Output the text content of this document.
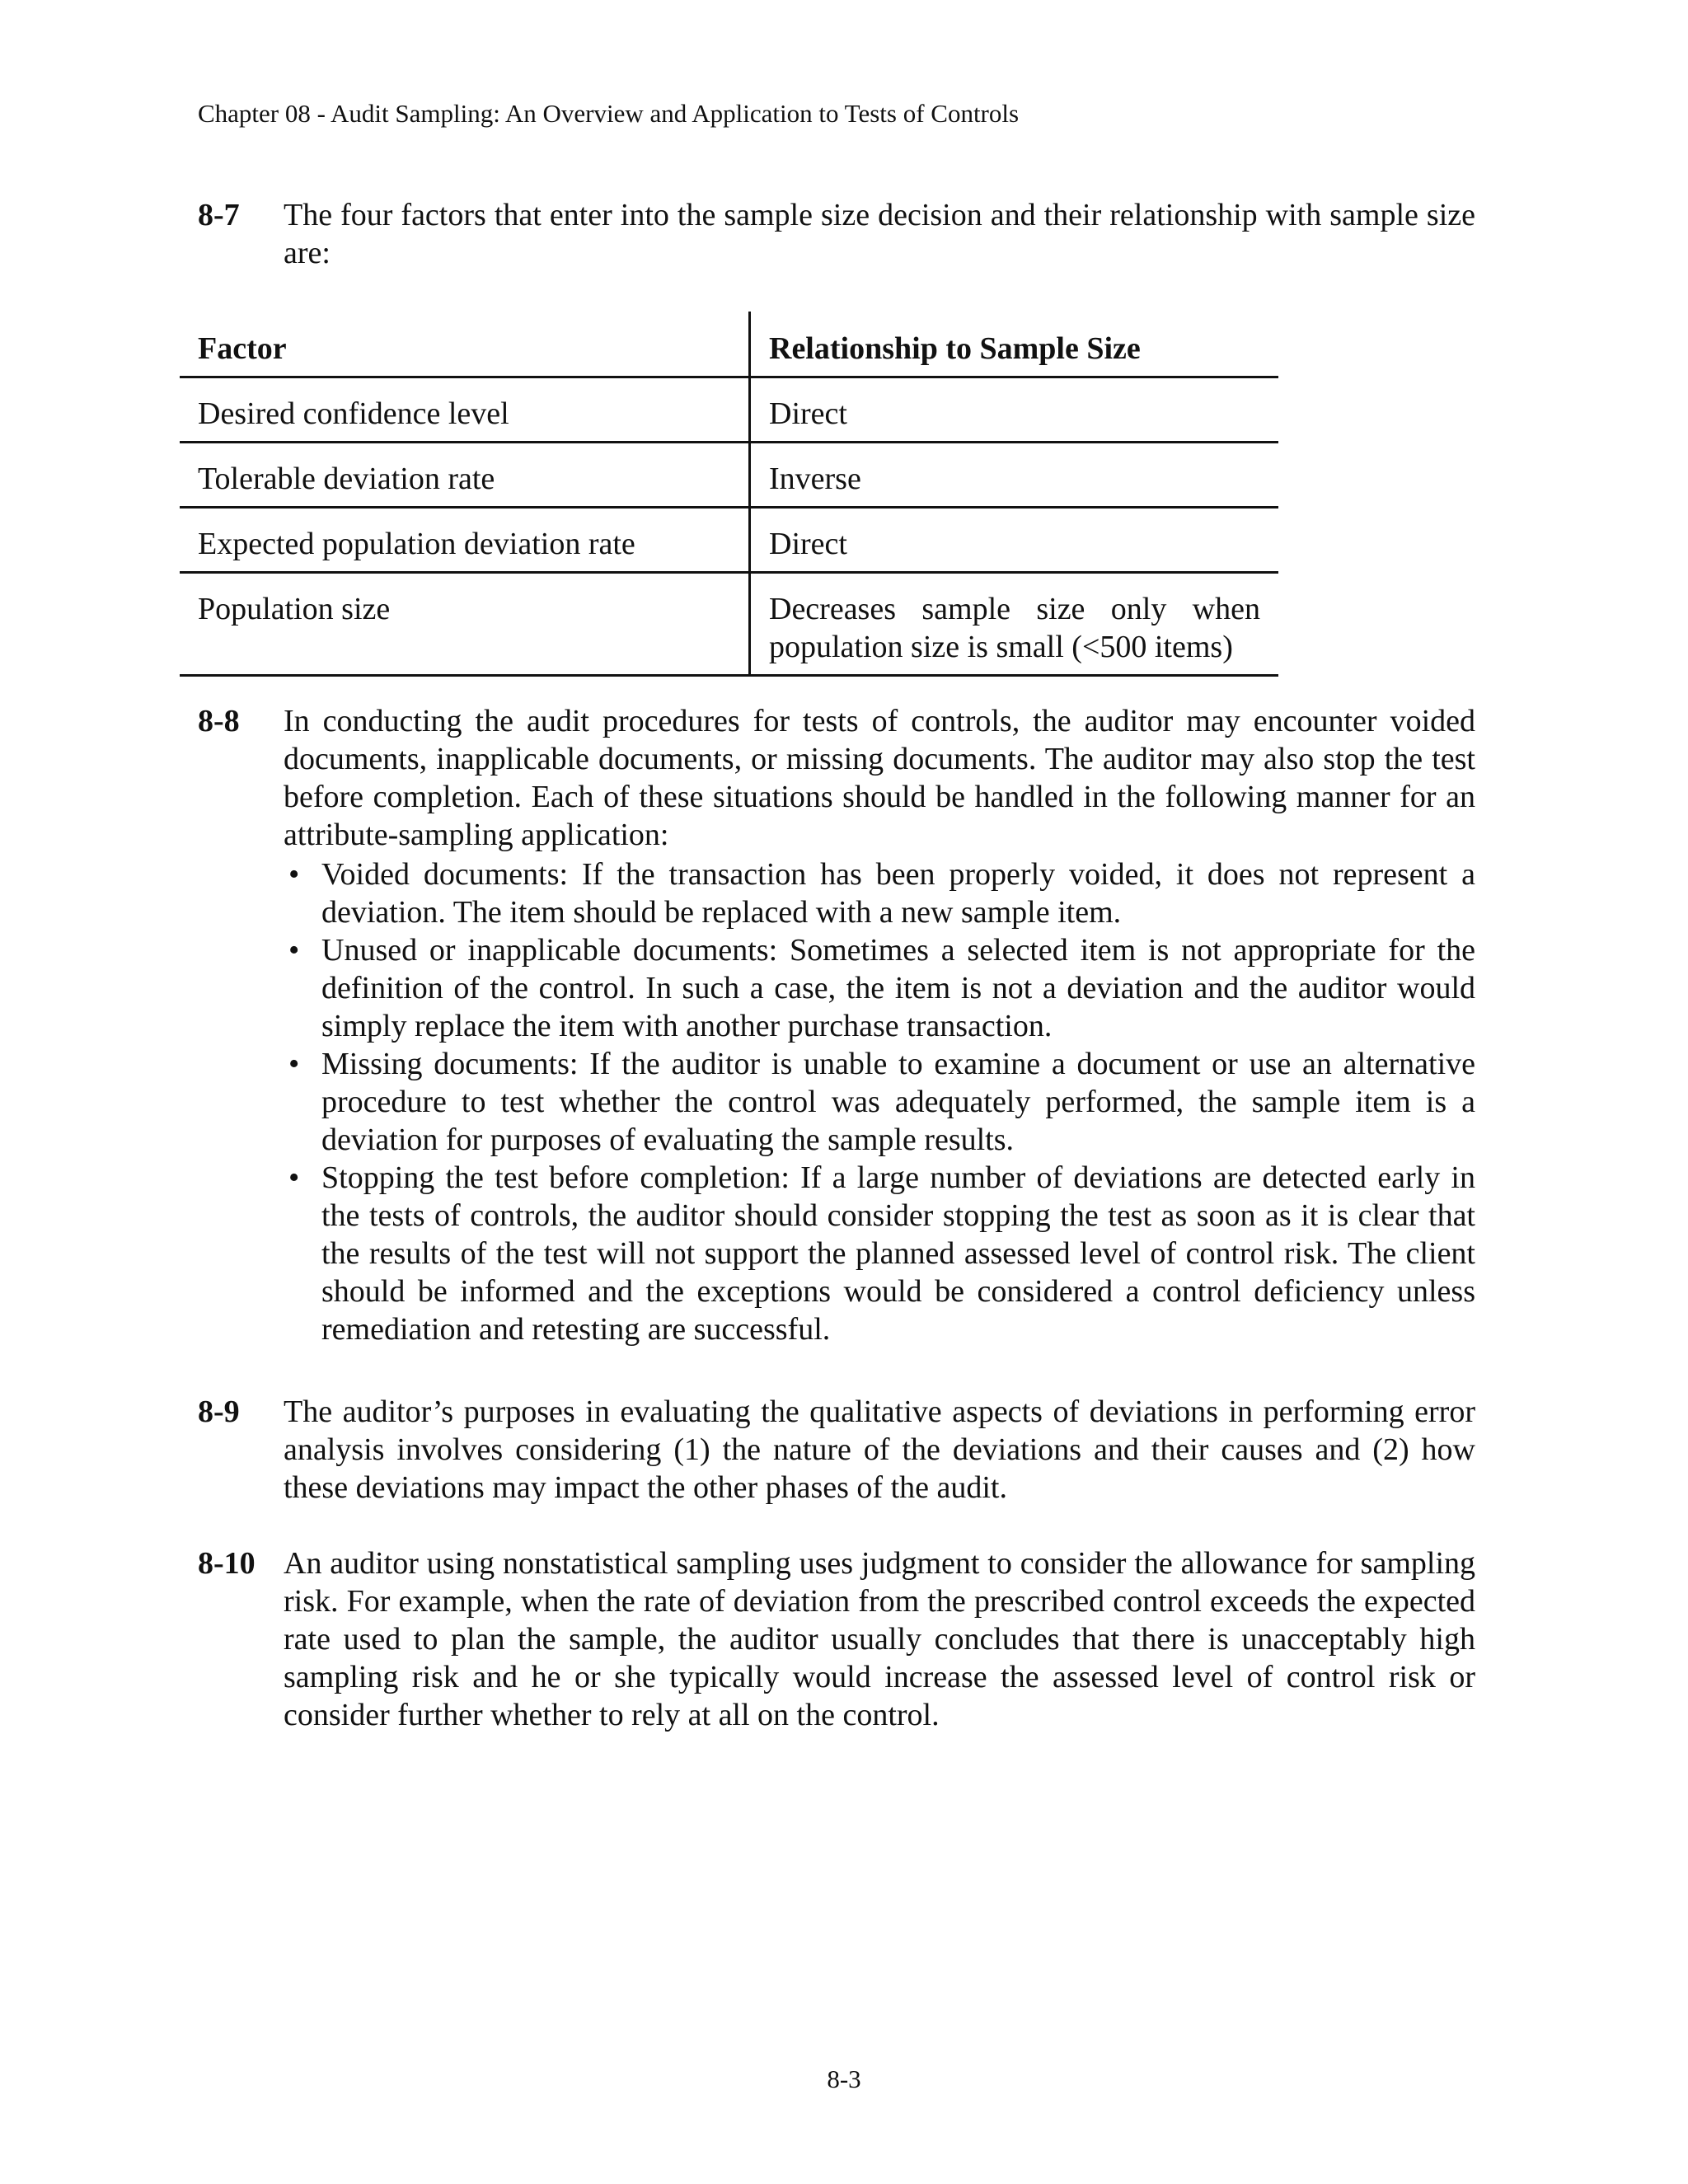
Chapter 08 - Audit Sampling: An Overview and Application to Tests of Controls
8-7 The four factors that enter into the sample size decision and their relationship with sample size are:

Factor	Relationship to Sample Size
Desired confidence level	Direct
Tolerable deviation rate	Inverse
Expected population deviation rate	Direct
Population size	Decreases sample size only when population size is small (<500 items)
8-8 In conducting the audit procedures for tests of controls, the auditor may encounter voided documents, inapplicable documents, or missing documents. The auditor may also stop the test before completion. Each of these situations should be handled in the following manner for an attribute-sampling application:

• Voided documents: If the transaction has been properly voided, it does not represent a deviation. The item should be replaced with a new sample item.
• Unused or inapplicable documents: Sometimes a selected item is not appropriate for the definition of the control. In such a case, the item is not a deviation and the auditor would simply replace the item with another purchase transaction.
• Missing documents: If the auditor is unable to examine a document or use an alternative procedure to test whether the control was adequately performed, the sample item is a deviation for purposes of evaluating the sample results.
• Stopping the test before completion: If a large number of deviations are detected early in the tests of controls, the auditor should consider stopping the test as soon as it is clear that the results of the test will not support the planned assessed level of control risk. The client should be informed and the exceptions would be considered a control deficiency unless remediation and retesting are successful.
8-9 The auditor’s purposes in evaluating the qualitative aspects of deviations in performing error analysis involves considering (1) the nature of the deviations and their causes and (2) how these deviations may impact the other phases of the audit.

8-10 An auditor using nonstatistical sampling uses judgment to consider the allowance for sampling risk. For example, when the rate of deviation from the prescribed control exceeds the expected rate used to plan the sample, the auditor usually concludes that there is unacceptably high sampling risk and he or she typically would increase the assessed level of control risk or consider further whether to rely at all on the control.

8-3
